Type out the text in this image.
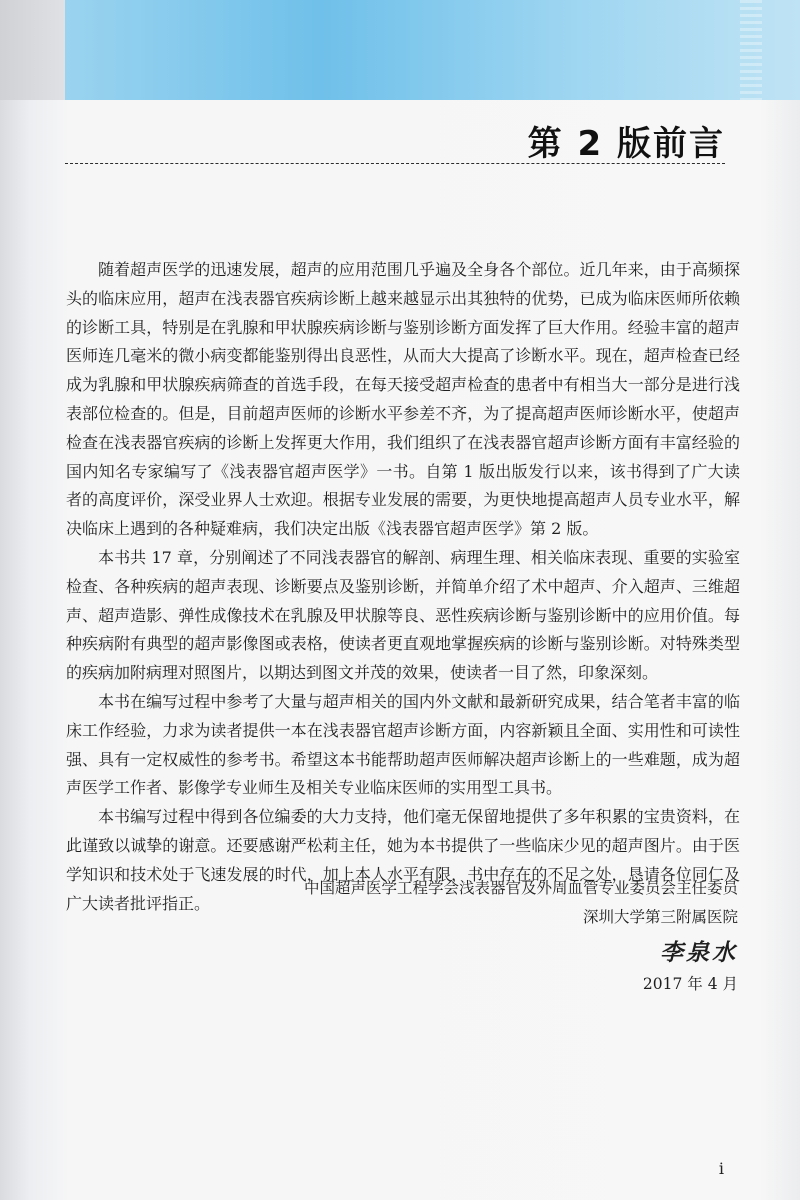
第 2 版前言

随着超声医学的迅速发展，超声的应用范围几乎遍及全身各个部位。近几年来，由于高频探头的临床应用，超声在浅表器官疾病诊断上越来越显示出其独特的优势，已成为临床医师所依赖的诊断工具，特别是在乳腺和甲状腺疾病诊断与鉴别诊断方面发挥了巨大作用。经验丰富的超声医师连几毫米的微小病变都能鉴别得出良恶性，从而大大提高了诊断水平。现在，超声检查已经成为乳腺和甲状腺疾病筛查的首选手段，在每天接受超声检查的患者中有相当大一部分是进行浅表部位检查的。但是，目前超声医师的诊断水平参差不齐，为了提高超声医师诊断水平，使超声检查在浅表器官疾病的诊断上发挥更大作用，我们组织了在浅表器官超声诊断方面有丰富经验的国内知名专家编写了《浅表器官超声医学》一书。自第 1 版出版发行以来，该书得到了广大读者的高度评价，深受业界人士欢迎。根据专业发展的需要，为更快地提高超声人员专业水平，解决临床上遇到的各种疑难病，我们决定出版《浅表器官超声医学》第 2 版。

本书共 17 章，分别阐述了不同浅表器官的解剖、病理生理、相关临床表现、重要的实验室检查、各种疾病的超声表现、诊断要点及鉴别诊断，并简单介绍了术中超声、介入超声、三维超声、超声造影、弹性成像技术在乳腺及甲状腺等良、恶性疾病诊断与鉴别诊断中的应用价值。每种疾病附有典型的超声影像图或表格，使读者更直观地掌握疾病的诊断与鉴别诊断。对特殊类型的疾病加附病理对照图片，以期达到图文并茂的效果，使读者一目了然，印象深刻。

本书在编写过程中参考了大量与超声相关的国内外文献和最新研究成果，结合笔者丰富的临床工作经验，力求为读者提供一本在浅表器官超声诊断方面，内容新颖且全面、实用性和可读性强、具有一定权威性的参考书。希望这本书能帮助超声医师解决超声诊断上的一些难题，成为超声医学工作者、影像学专业师生及相关专业临床医师的实用型工具书。

本书编写过程中得到各位编委的大力支持，他们毫无保留地提供了多年积累的宝贵资料，在此谨致以诚挚的谢意。还要感谢严松莉主任，她为本书提供了一些临床少见的超声图片。由于医学知识和技术处于飞速发展的时代，加上本人水平有限，书中存在的不足之处，恳请各位同仁及广大读者批评指正。

中国超声医学工程学会浅表器官及外周血管专业委员会主任委员
深圳大学第三附属医院
李泉水
2017 年 4 月
i
